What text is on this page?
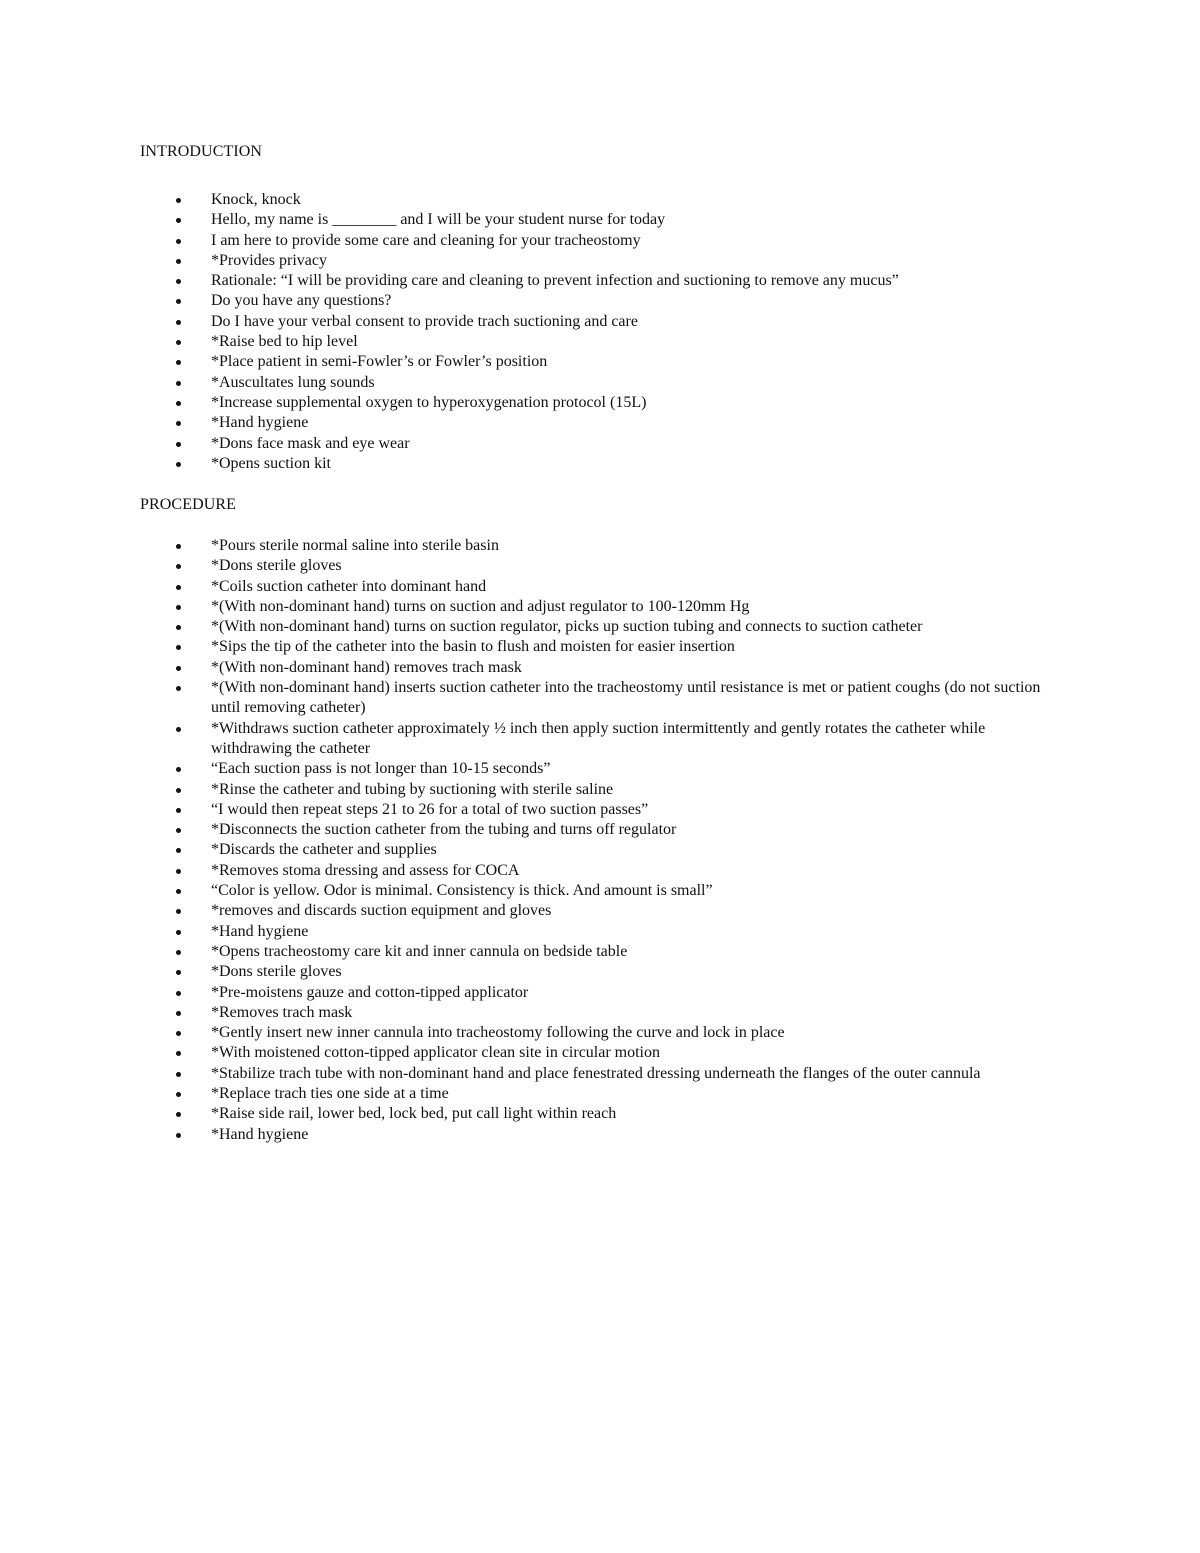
INTRODUCTION
Knock, knock
Hello, my name is ________ and I will be your student nurse for today
I am here to provide some care and cleaning for your tracheostomy
*Provides privacy
Rationale: “I will be providing care and cleaning to prevent infection and suctioning to remove any mucus”
Do you have any questions?
Do I have your verbal consent to provide trach suctioning and care
*Raise bed to hip level
*Place patient in semi-Fowler’s or Fowler’s position
*Auscultates lung sounds
*Increase supplemental oxygen to hyperoxygenation protocol (15L)
*Hand hygiene
*Dons face mask and eye wear
*Opens suction kit
PROCEDURE
*Pours sterile normal saline into sterile basin
*Dons sterile gloves
*Coils suction catheter into dominant hand
*(With non-dominant hand) turns on suction and adjust regulator to 100-120mm Hg
*(With non-dominant hand) turns on suction regulator, picks up suction tubing and connects to suction catheter
*Sips the tip of the catheter into the basin to flush and moisten for easier insertion
*(With non-dominant hand) removes trach mask
*(With non-dominant hand) inserts suction catheter into the tracheostomy until resistance is met or patient coughs (do not suction until removing catheter)
*Withdraws suction catheter approximately ½ inch then apply suction intermittently and gently rotates the catheter while withdrawing the catheter
“Each suction pass is not longer than 10-15 seconds”
*Rinse the catheter and tubing by suctioning with sterile saline
“I would then repeat steps 21 to 26 for a total of two suction passes”
*Disconnects the suction catheter from the tubing and turns off regulator
*Discards the catheter and supplies
*Removes stoma dressing and assess for COCA
“Color is yellow. Odor is minimal. Consistency is thick. And amount is small”
*removes and discards suction equipment and gloves
*Hand hygiene
*Opens tracheostomy care kit and inner cannula on bedside table
*Dons sterile gloves
*Pre-moistens gauze and cotton-tipped applicator
*Removes trach mask
*Gently insert new inner cannula into tracheostomy following the curve and lock in place
*With moistened cotton-tipped applicator clean site in circular motion
*Stabilize trach tube with non-dominant hand and place fenestrated dressing underneath the flanges of the outer cannula
*Replace trach ties one side at a time
*Raise side rail, lower bed, lock bed, put call light within reach
*Hand hygiene
